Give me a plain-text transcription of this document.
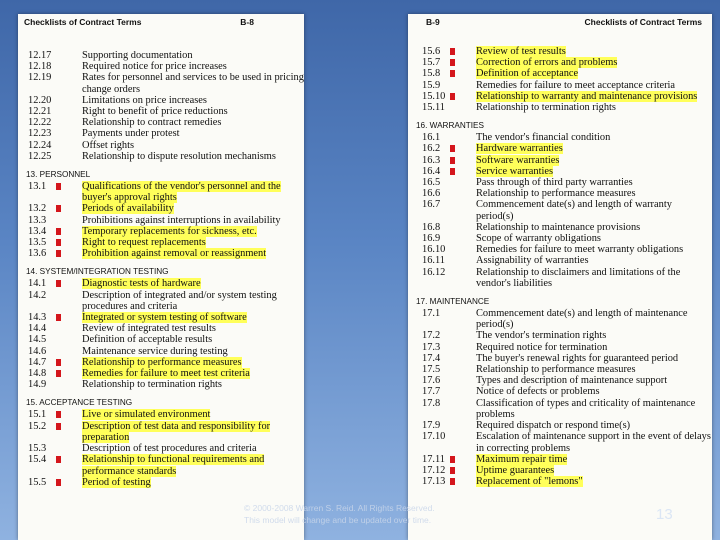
Checklists of Contract Terms	B-8
12.17	Supporting documentation
12.18	Required notice for price increases
12.19	Rates for personnel and services to be used in pricing change orders
12.20	Limitations on price increases
12.21	Right to benefit of price reductions
12.22	Relationship to contract remedies
12.23	Payments under protest
12.24	Offset rights
12.25	Relationship to dispute resolution mechanisms
13. PERSONNEL
13.1	Qualifications of the vendor's personnel and the buyer's approval rights
13.2	Periods of availability
13.3	Prohibitions against interruptions in availability
13.4	Temporary replacements for sickness, etc.
13.5	Right to request replacements
13.6	Prohibition against removal or reassignment
14. SYSTEM/INTEGRATION TESTING
14.1	Diagnostic tests of hardware
14.2	Description of integrated and/or system testing procedures and criteria
14.3	Integrated or system testing of software
14.4	Review of integrated test results
14.5	Definition of acceptable results
14.6	Maintenance service during testing
14.7	Relationship to performance measures
14.8	Remedies for failure to meet test criteria
14.9	Relationship to termination rights
15. ACCEPTANCE TESTING
15.1	Live or simulated environment
15.2	Description of test data and responsibility for preparation
15.3	Description of test procedures and criteria
15.4	Relationship to functional requirements and performance standards
15.5	Period of testing
B-9	Checklists of Contract Terms
15.6	Review of test results
15.7	Correction of errors and problems
15.8	Definition of acceptance
15.9	Remedies for failure to meet acceptance criteria
15.10	Relationship to warranty and maintenance provisions
15.11	Relationship to termination rights
16. WARRANTIES
16.1	The vendor's financial condition
16.2	Hardware warranties
16.3	Software warranties
16.4	Service warranties
16.5	Pass through of third party warranties
16.6	Relationship to performance measures
16.7	Commencement date(s) and length of warranty period(s)
16.8	Relationship to maintenance provisions
16.9	Scope of warranty obligations
16.10	Remedies for failure to meet warranty obligations
16.11	Assignability of warranties
16.12	Relationship to disclaimers and limitations of the vendor's liabilities
17. MAINTENANCE
17.1	Commencement date(s) and length of maintenance period(s)
17.2	The vendor's termination rights
17.3	Required notice for termination
17.4	The buyer's renewal rights for guaranteed period
17.5	Relationship to performance measures
17.6	Types and description of maintenance support
17.7	Notice of defects or problems
17.8	Classification of types and criticality of maintenance problems
17.9	Required dispatch or respond time(s)
17.10	Escalation of maintenance support in the event of delays in correcting problems
17.11	Maximum repair time
17.12	Uptime guarantees
17.13	Replacement of "lemons"
© 2000-2008 Warren S. Reid. All Rights Reserved.
This model will change and be updated over time.	13
